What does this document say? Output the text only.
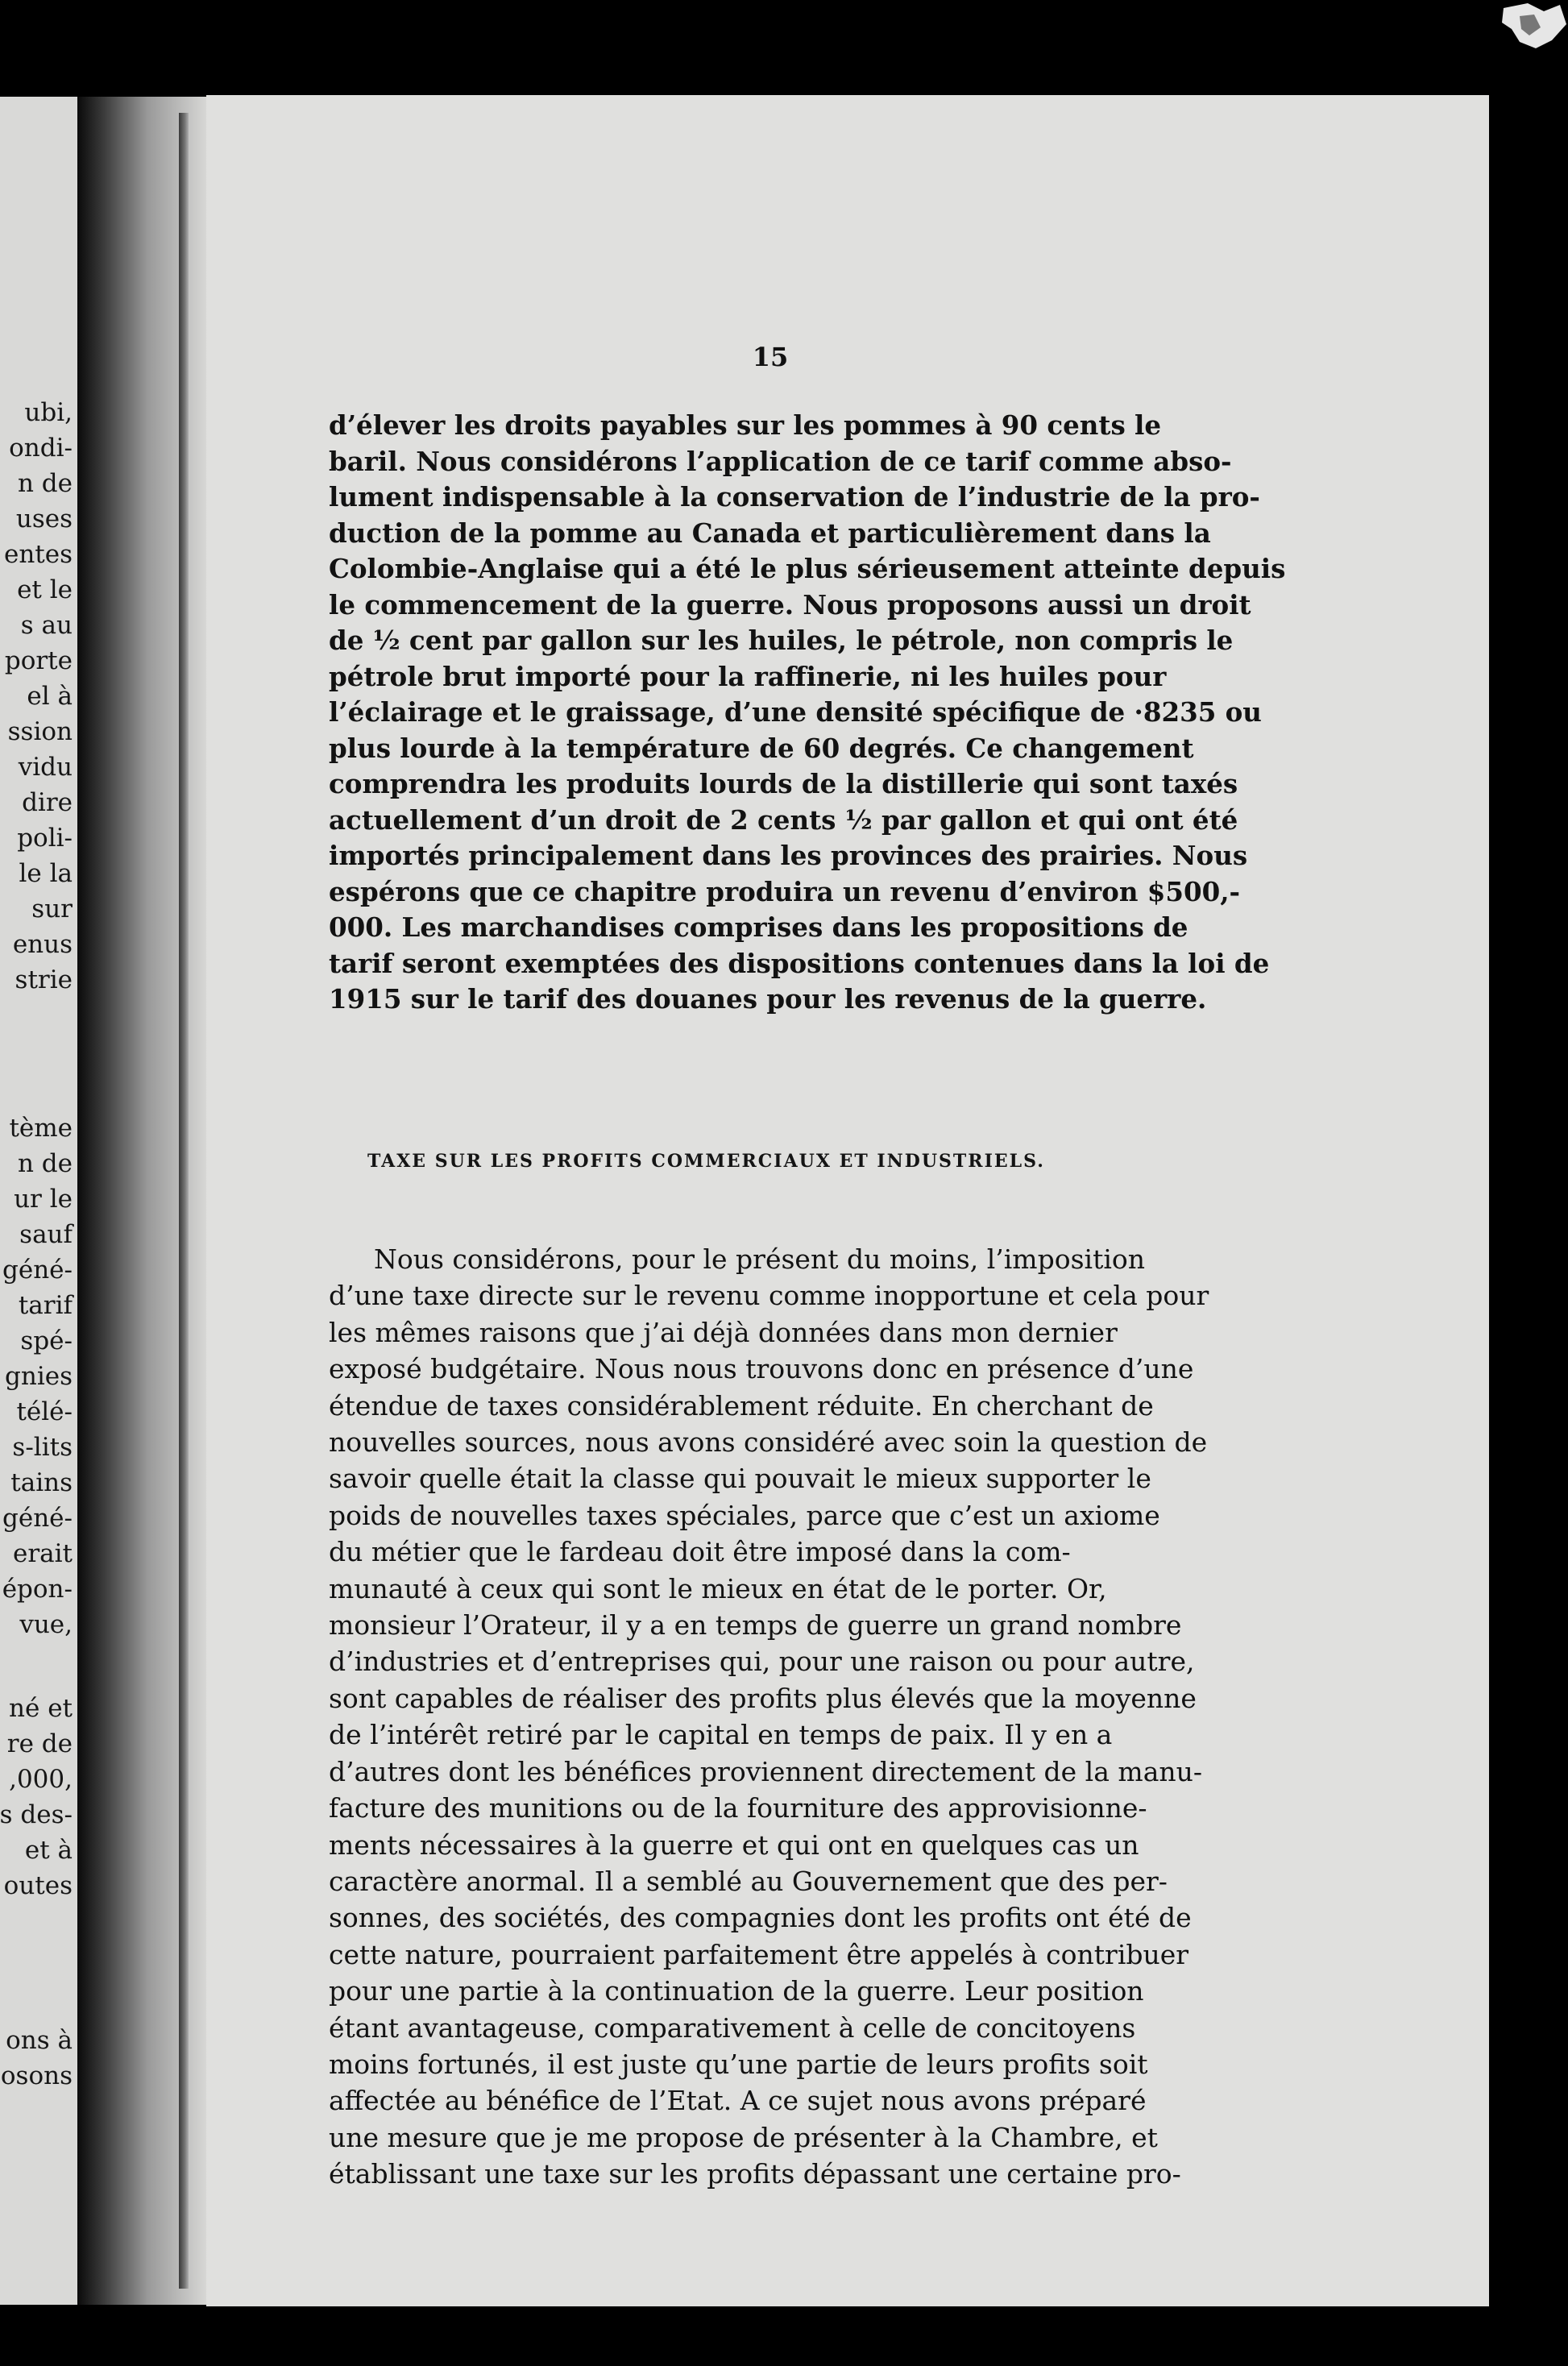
ubi,
ondi-
n de
uses
entes
et le
s au
porte
el à
ssion
vidu
dire
poli-
le la
sur
enus
strie
tème
n de
ur le
sauf
géné-
tarif
spé-
gnies
télé-
s-lits
tains
géné-
erait
épon-
vue,
né et
re de
,000,
s des-
et à
outes
ons à
osons
15
d’élever les droits payables sur les pommes à 90 cents le
baril. Nous considérons l’application de ce tarif comme abso-
lument indispensable à la conservation de l’industrie de la pro-
duction de la pomme au Canada et particulièrement dans la
Colombie-Anglaise qui a été le plus sérieusement atteinte depuis
le commencement de la guerre. Nous proposons aussi un droit
de ½ cent par gallon sur les huiles, le pétrole, non compris le
pétrole brut importé pour la raffinerie, ni les huiles pour
l’éclairage et le graissage, d’une densité spécifique de ·8235 ou
plus lourde à la température de 60 degrés. Ce changement
comprendra les produits lourds de la distillerie qui sont taxés
actuellement d’un droit de 2 cents ½ par gallon et qui ont été
importés principalement dans les provinces des prairies. Nous
espérons que ce chapitre produira un revenu d’environ $500,-
000. Les marchandises comprises dans les propositions de
tarif seront exemptées des dispositions contenues dans la loi de
1915 sur le tarif des douanes pour les revenus de la guerre.
TAXE SUR LES PROFITS COMMERCIAUX ET INDUSTRIELS.
Nous considérons, pour le présent du moins, l’imposition
d’une taxe directe sur le revenu comme inopportune et cela pour
les mêmes raisons que j’ai déjà données dans mon dernier
exposé budgétaire. Nous nous trouvons donc en présence d’une
étendue de taxes considérablement réduite. En cherchant de
nouvelles sources, nous avons considéré avec soin la question de
savoir quelle était la classe qui pouvait le mieux supporter le
poids de nouvelles taxes spéciales, parce que c’est un axiome
du métier que le fardeau doit être imposé dans la com-
munauté à ceux qui sont le mieux en état de le porter. Or,
monsieur l’Orateur, il y a en temps de guerre un grand nombre
d’industries et d’entreprises qui, pour une raison ou pour autre,
sont capables de réaliser des profits plus élevés que la moyenne
de l’intérêt retiré par le capital en temps de paix. Il y en a
d’autres dont les bénéfices proviennent directement de la manu-
facture des munitions ou de la fourniture des approvisionne-
ments nécessaires à la guerre et qui ont en quelques cas un
caractère anormal. Il a semblé au Gouvernement que des per-
sonnes, des sociétés, des compagnies dont les profits ont été de
cette nature, pourraient parfaitement être appelés à contribuer
pour une partie à la continuation de la guerre. Leur position
étant avantageuse, comparativement à celle de concitoyens
moins fortunés, il est juste qu’une partie de leurs profits soit
affectée au bénéfice de l’Etat. A ce sujet nous avons préparé
une mesure que je me propose de présenter à la Chambre, et
établissant une taxe sur les profits dépassant une certaine pro-
